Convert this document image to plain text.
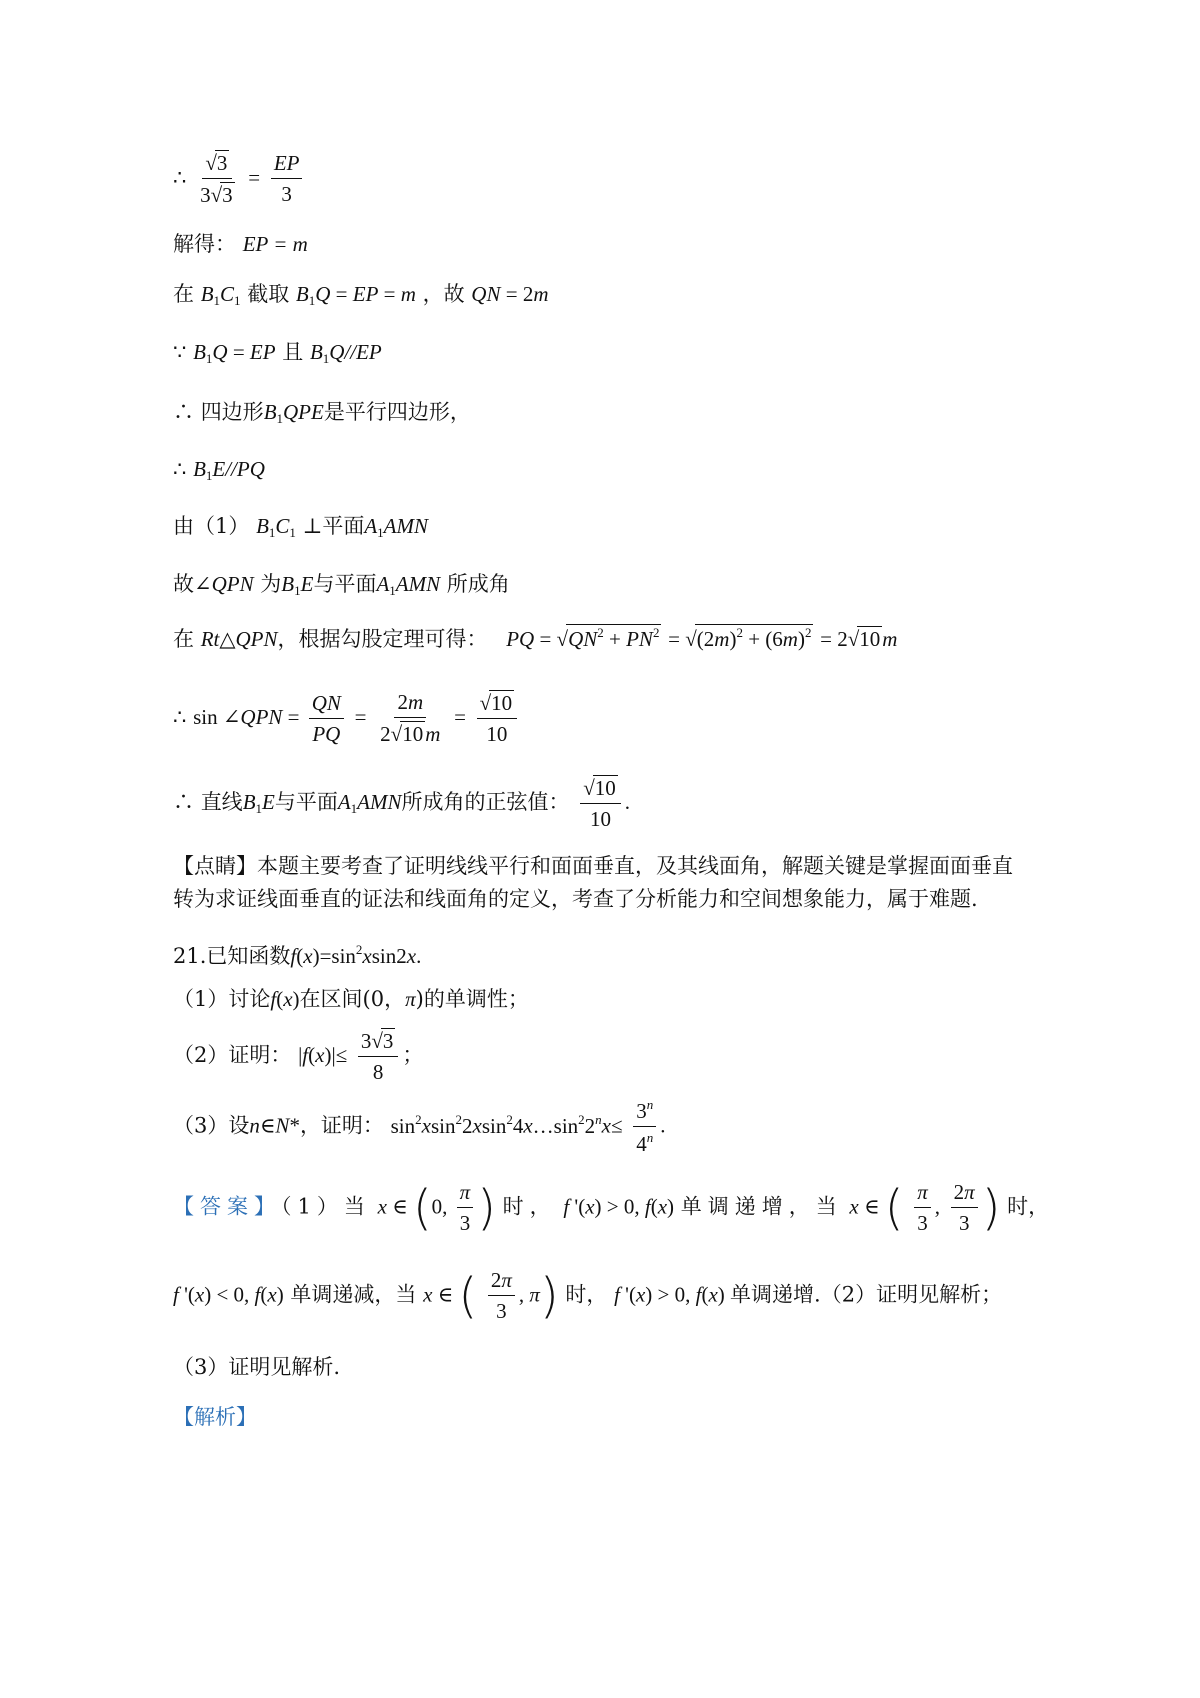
∴ $\frac{√3}{3√3} = \frac{EP}{3}$
解得： EP = m
在 $B_1C_1$ 截取 $B_1Q$ = EP = m ，故 QN = 2m
∵ $B_1Q$ = EP 且 $B_1Q//EP$
∴ 四边形$B_1QPE$是平行四边形，
∴ $B_1E//PQ$
由（1） $B_1C_1$ ⊥平面$A_1AMN$
故∠QPN 为$B_1E$与平面$A_1AMN$ 所成角
在 Rt△QPN，根据勾股定理可得： PQ = $√QN^2 + PN^2 = √(2m)^2 + (6m)^2 = 2√10m$
∴ sin ∠QPN = $\frac{QN}{PQ} = \frac{2m}{2√10m} = \frac{√10}{10}$
∴ 直线$B_1E$与平面$A_1AMN$所成角的正弦值： $\frac{√10}{10}$ .
【点睛】本题主要考查了证明线线平行和面面垂直，及其线面角，解题关键是掌握面面垂直
转为求证线面垂直的证法和线面角的定义，考查了分析能力和空间想象能力，属于难题.
21.已知函数$f(x)=\sin^2xsin2x$.
（1）讨论f(x)在区间(0，π)的单调性；
（2）证明： $|f(x)|\le \frac{3√3}{8}$ ；
（3）设n∈N*，证明： $\sin^2xsin^22xsin^24x\dots\sin^22^nx\le \frac{3^n}{4^n}$ .
【答案】（1）当 x ∈ (0, $\frac{\pi}{3}$ ) 时， f '(x) > 0, f(x) 单调递增，当 x ∈ ( $\frac{\pi}{3}$ , $\frac{2\pi}{3}$ ) 时，
f '(x) < 0, f(x) 单调递减，当 x ∈ ( $\frac{2\pi}{3}$ , π) 时， f '(x) > 0, f(x) 单调递增.（2）证明见解析；
（3）证明见解析.
【解析】
